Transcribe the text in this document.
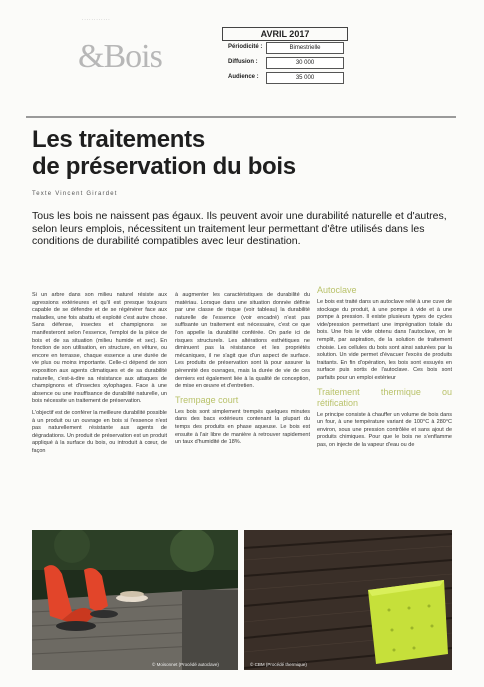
............
&Bois
AVRIL 2017
Périodicité :	Bimestrielle
Diffusion :	30 000
Audience :	35 000
Les traitements
de préservation du bois
Texte Vincent Girardet
Tous les bois ne naissent pas égaux. Ils peuvent avoir une durabilité naturelle et d'autres, selon leurs emplois, nécessitent un traitement leur permettant d'être utilisés dans les conditions de durabilité compatibles avec leur destination.

Si un arbre dans son milieu naturel résiste aux agressions extérieures et qu'il est presque toujours capable de se défendre et de se régénérer face aux maladies, une fois abattu et exploité c'est autre chose. Sans défense, insectes et champignons se manifesteront selon l'essence, l'emploi de la pièce de bois et de sa situation (milieu humide et sec). En fonction de son utilisation, en structure, en vêture, ou encore en terrasse, chaque essence a une durée de vie plus ou moins importante. Celle-ci dépend de son exposition aux agents climatiques et de sa durabilité naturelle, c'est-à-dire sa résistance aux attaques de champignons et d'insectes xylophages. Face à une absence ou une insuffisance de durabilité naturelle, un bois nécessite un traitement de préservation.

L'objectif est de conférer la meilleure durabilité possible à un produit ou un ouvrage en bois si l'essence n'est pas naturellement résistante aux agents de dégradations. Un produit de préservation est un produit appliqué à la surface du bois, ou introduit à cœur, de façon

à augmenter les caractéristiques de durabilité du matériau. Lorsque dans une situation donnée définie par une classe de risque (voir tableau) la durabilité naturelle de l'essence (voir encadré) n'est pas suffisante un traitement est nécessaire, c'est ce que l'on appelle la durabilité conférée. On parle ici de risques structurels. Les altérations esthétiques ne diminuent pas la résistance et les propriétés mécaniques, il ne s'agit que d'un aspect de surface. Les produits de préservation sont là pour assurer la pérennité des ouvrages, mais la durée de vie de ces derniers est également liée à la qualité de conception, de mise en œuvre et d'entretien.

Trempage court

Les bois sont simplement trempés quelques minutes dans des bacs extérieurs contenant la plupart du temps des produits en phase aqueuse. Le bois est ensuite à l'air libre de manière à retrouver rapidement un taux d'humidité de 18%.

Autoclave

Le bois est traité dans un autoclave relié à une cuve de stockage du produit, à une pompe à vide et à une pompe à pression. Il existe plusieurs types de cycles vide/pression permettant une imprégnation totale du bois. Une fois le vide obtenu dans l'autoclave, on le remplit, par aspiration, de la solution de traitement choisie. Les cellules du bois sont ainsi saturées par la solution. Un vide permet d'évacuer l'excès de produits traitants. En fin d'opération, les bois sont essuyés en surface puis sortis de l'autoclave. Ces bois sont parfaits pour un emploi extérieur

Traitement thermique ou rétification

Le principe consiste à chauffer un volume de bois dans un four, à une température variant de 100°C à 280°C environ, sous une pression contrôlée et sans ajout de produits chimiques. Pour que le bois ne s'enflamme pas, on injecte de la vapeur d'eau ou de

© Moisonnet (Procédé autoclave)	© CBM (Procédé thermique)
